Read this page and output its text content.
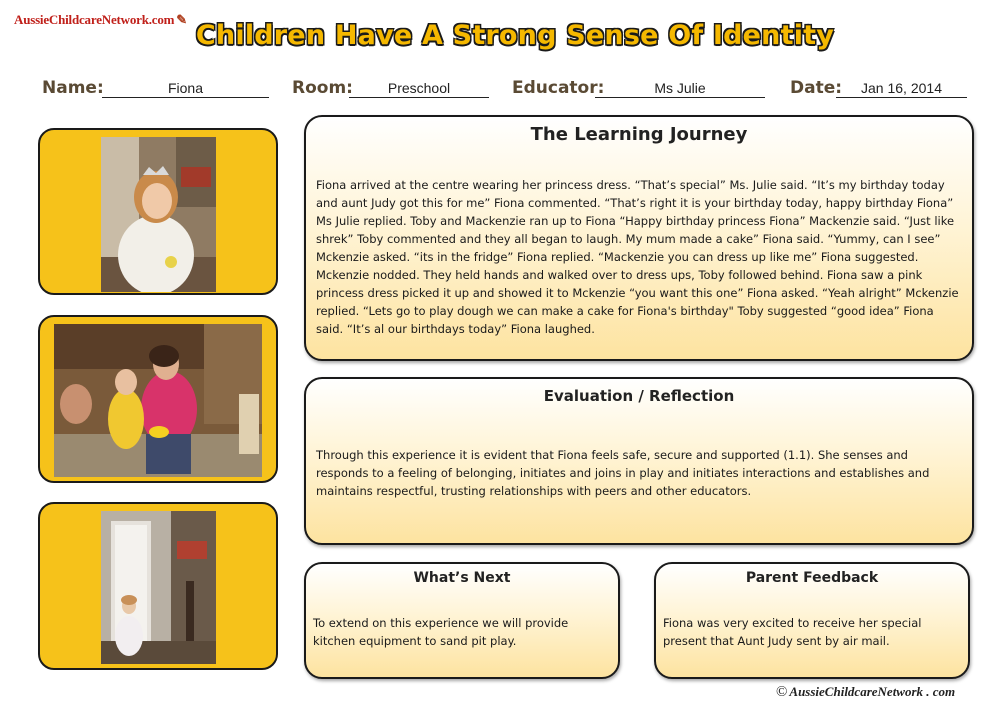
AussieChildcareNetwork.com ✎
Children Have A Strong Sense Of Identity
Name:	Fiona	Room:	Preschool	Educator:	Ms Julie	Date:	Jan 16, 2014
The Learning Journey
Fiona arrived at the centre wearing her princess dress. “That’s special” Ms. Julie said. “It’s my birthday today and aunt Judy got this for me” Fiona commented. “That’s right it is your birthday today, happy birthday Fiona” Ms Julie replied. Toby and Mackenzie ran up to Fiona “Happy birthday princess Fiona” Mackenzie said. “Just like shrek” Toby commented and they all began to laugh. My mum made a cake” Fiona said. “Yummy, can I see” Mckenzie asked. “its in the fridge” Fiona replied. “Mackenzie you can dress up like me” Fiona suggested. Mckenzie nodded. They held hands and walked over to dress ups, Toby followed behind. Fiona saw a pink princess dress picked it up and showed it to Mckenzie “you want this one” Fiona asked. “Yeah alright” Mckenzie replied. “Lets go to play dough we can make a cake for Fiona's birthday" Toby suggested “good idea” Fiona said. “It’s al our birthdays today” Fiona laughed.
Evaluation / Reflection
Through this experience it is evident that Fiona feels safe, secure and supported (1.1). She senses and responds to a feeling of belonging, initiates and joins in play and initiates interactions and establishes and maintains respectful, trusting relationships with peers and other educators.
What’s Next
To extend on this experience we will provide kitchen equipment to sand pit play.
Parent Feedback
Fiona was very excited to receive her special present that Aunt Judy sent by air mail.
© AussieChildcareNetwork . com
